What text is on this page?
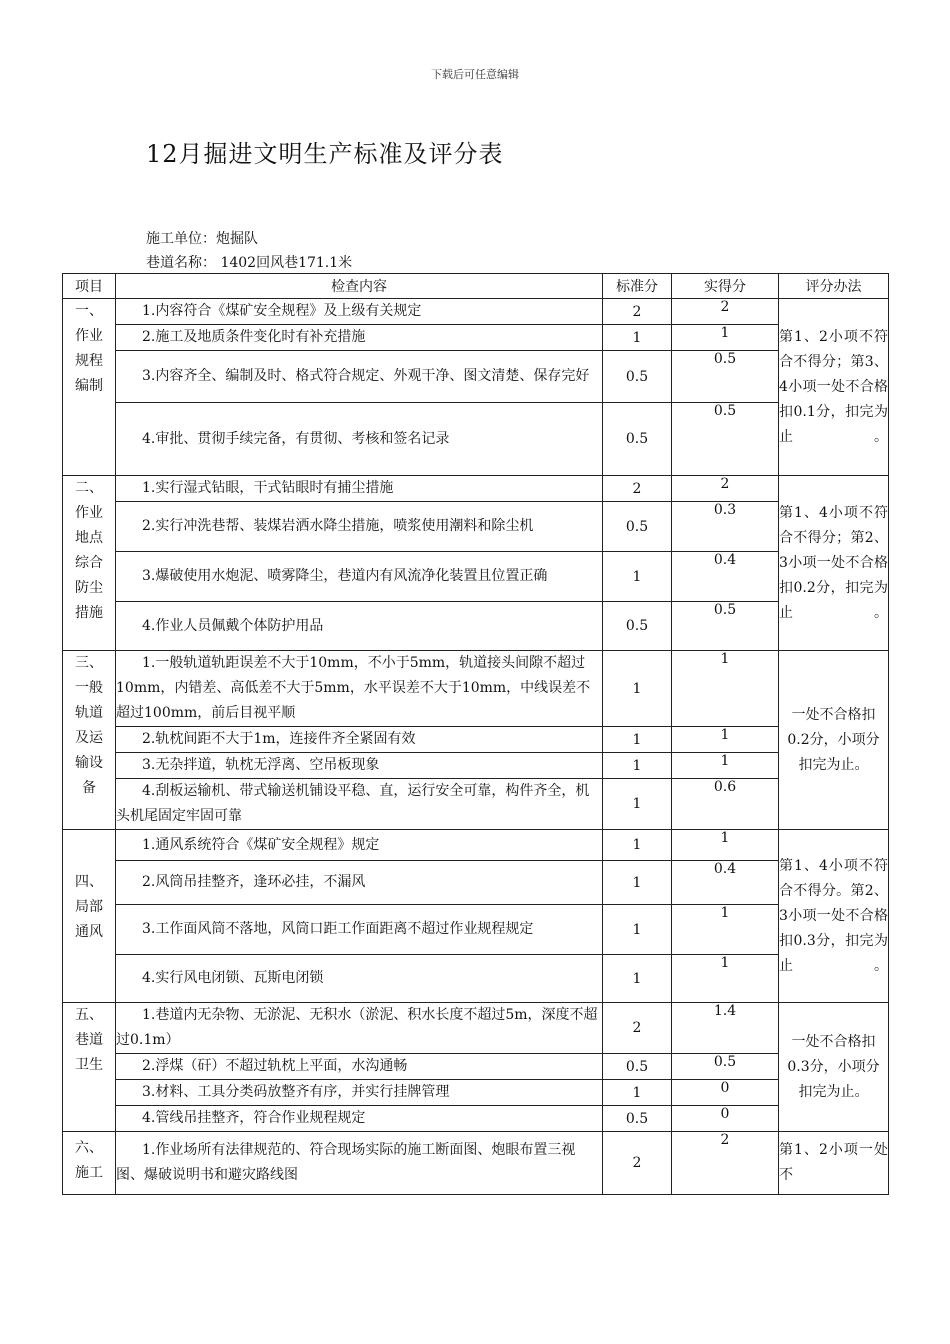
下载后可任意编辑
12月掘进文明生产标准及评分表
施工单位：炮掘队
巷道名称： 1402回风巷171.1米
项目	检查内容	标准分	实得分	评分办法

一、作业规程编制	1.内容符合《煤矿安全规程》及上级有关规定	2	2	第1、2小项不符合不得分；第3、4小项一处不合格扣0.1分，扣完为止。
	2.施工及地质条件变化时有补充措施	1	1	
	3.内容齐全、编制及时、格式符合规定、外观干净、图文清楚、保存完好	0.5	0.5	
	4.审批、贯彻手续完备，有贯彻、考核和签名记录	0.5	0.5	

二、作业地点综合防尘措施	1.实行湿式钻眼，干式钻眼时有捕尘措施	2	2	第1、4小项不符合不得分；第2、3小项一处不合格扣0.2分，扣完为止。
	2.实行冲洗巷帮、装煤岩洒水降尘措施，喷浆使用潮料和除尘机	0.5	0.3	
	3.爆破使用水炮泥、喷雾降尘，巷道内有风流净化装置且位置正确	1	0.4	
	4.作业人员佩戴个体防护用品	0.5	0.5	

三、一般轨道及运输设备	1.一般轨道轨距误差不大于10mm，不小于5mm，轨道接头间隙不超过10mm，内错差、高低差不大于5mm，水平误差不大于10mm，中线误差不超过100mm，前后目视平顺	1	1	一处不合格扣0.2分，小项分扣完为止。
	2.轨枕间距不大于1m，连接件齐全紧固有效	1	1	
	3.无杂拌道，轨枕无浮离、空吊板现象	1	1	
	4.刮板运输机、带式输送机铺设平稳、直，运行安全可靠，构件齐全，机头机尾固定牢固可靠	1	0.6	

四、局部通风	1.通风系统符合《煤矿安全规程》规定	1	1	第1、4小项不符合不得分。第2、3小项一处不合格扣0.3分，扣完为止。
	2.风筒吊挂整齐，逢环必挂，不漏风	1	0.4	
	3.工作面风筒不落地，风筒口距工作面距离不超过作业规程规定	1	1	
	4.实行风电闭锁、瓦斯电闭锁	1	1	

五、巷道卫生	1.巷道内无杂物、无淤泥、无积水（淤泥、积水长度不超过5m，深度不超过0.1m）	2	1.4	一处不合格扣0.3分，小项分扣完为止。
	2.浮煤（矸）不超过轨枕上平面，水沟通畅	0.5	0.5	
	3.材料、工具分类码放整齐有序，并实行挂牌管理	1	0	
	4.管线吊挂整齐，符合作业规程规定	0.5	0	

六、施工	1.作业场所有法律规范的、符合现场实际的施工断面图、炮眼布置三视图、爆破说明书和避灾路线图	2	2	第1、2小项一处不
